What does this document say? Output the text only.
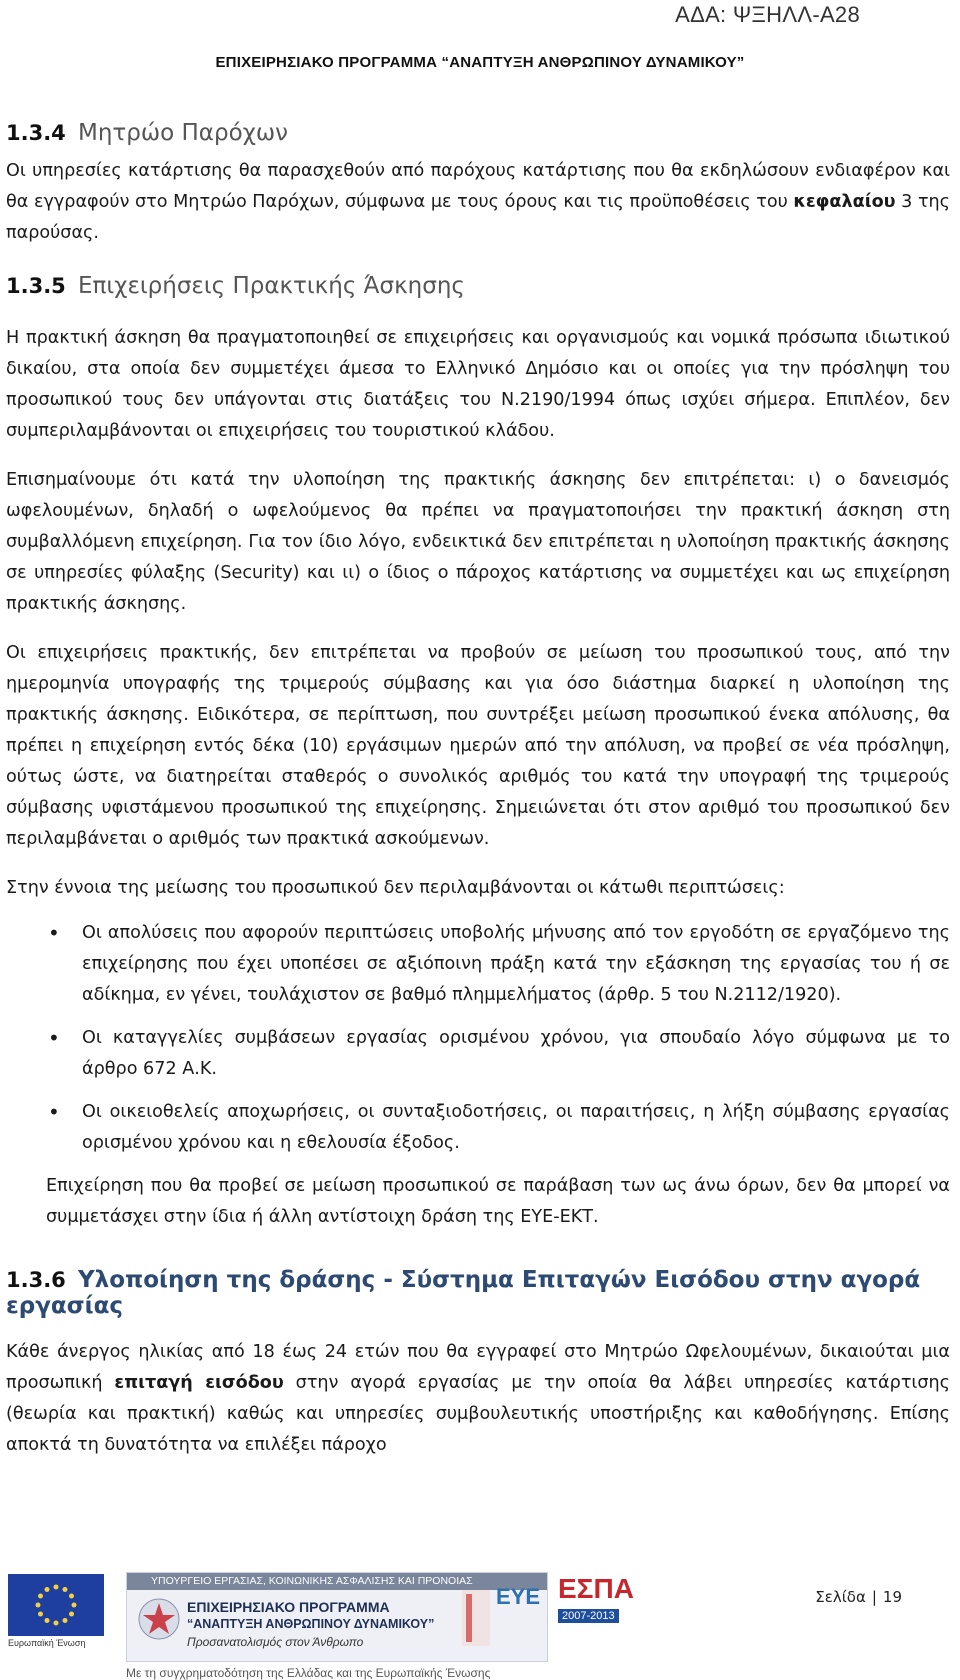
ΑΔΑ: ΨΞΗΛΛ-Α28
ΕΠΙΧΕΙΡΗΣΙΑΚΟ ΠΡΟΓΡΑΜΜΑ “ΑΝΑΠΤΥΞΗ ΑΝΘΡΩΠΙΝΟΥ ΔΥΝΑΜΙΚΟΥ”
1.3.4 Μητρώο Παρόχων

Οι υπηρεσίες κατάρτισης θα παρασχεθούν από παρόχους κατάρτισης που θα εκδηλώσουν ενδιαφέρον και θα εγγραφούν στο Μητρώο Παρόχων, σύμφωνα με τους όρους και τις προϋποθέσεις του κεφαλαίου 3 της παρούσας.

1.3.5 Επιχειρήσεις Πρακτικής Άσκησης

Η πρακτική άσκηση θα πραγματοποιηθεί σε επιχειρήσεις και οργανισμούς και νομικά πρόσωπα ιδιωτικού δικαίου, στα οποία δεν συμμετέχει άμεσα το Ελληνικό Δημόσιο και οι οποίες για την πρόσληψη του προσωπικού τους δεν υπάγονται στις διατάξεις του Ν.2190/1994 όπως ισχύει σήμερα. Επιπλέον, δεν συμπεριλαμβάνονται οι επιχειρήσεις του τουριστικού κλάδου.

Επισημαίνουμε ότι κατά την υλοποίηση της πρακτικής άσκησης δεν επιτρέπεται: ι) ο δανεισμός ωφελουμένων, δηλαδή ο ωφελούμενος θα πρέπει να πραγματοποιήσει την πρακτική άσκηση στη συμβαλλόμενη επιχείρηση. Για τον ίδιο λόγο, ενδεικτικά δεν επιτρέπεται η υλοποίηση πρακτικής άσκησης σε υπηρεσίες φύλαξης (Security) και ιι) ο ίδιος ο πάροχος κατάρτισης να συμμετέχει και ως επιχείρηση πρακτικής άσκησης.

Οι επιχειρήσεις πρακτικής, δεν επιτρέπεται να προβούν σε μείωση του προσωπικού τους, από την ημερομηνία υπογραφής της τριμερούς σύμβασης και για όσο διάστημα διαρκεί η υλοποίηση της πρακτικής άσκησης. Ειδικότερα, σε περίπτωση, που συντρέξει μείωση προσωπικού ένεκα απόλυσης, θα πρέπει η επιχείρηση εντός δέκα (10) εργάσιμων ημερών από την απόλυση, να προβεί σε νέα πρόσληψη, ούτως ώστε, να διατηρείται σταθερός ο συνολικός αριθμός του κατά την υπογραφή της τριμερούς σύμβασης υφιστάμενου προσωπικού της επιχείρησης. Σημειώνεται ότι στον αριθμό του προσωπικού δεν περιλαμβάνεται ο αριθμός των πρακτικά ασκούμενων.

Στην έννοια της μείωσης του προσωπικού δεν περιλαμβάνονται οι κάτωθι περιπτώσεις:

• Οι απολύσεις που αφορούν περιπτώσεις υποβολής μήνυσης από τον εργοδότη σε εργαζόμενο της επιχείρησης που έχει υποπέσει σε αξιόποινη πράξη κατά την εξάσκηση της εργασίας του ή σε αδίκημα, εν γένει, τουλάχιστον σε βαθμό πλημμελήματος (άρθρ. 5 του Ν.2112/1920).
• Οι καταγγελίες συμβάσεων εργασίας ορισμένου χρόνου, για σπουδαίο λόγο σύμφωνα με το άρθρο 672 Α.Κ.
• Οι οικειοθελείς αποχωρήσεις, οι συνταξιοδοτήσεις, οι παραιτήσεις, η λήξη σύμβασης εργασίας ορισμένου χρόνου και η εθελουσία έξοδος.

Επιχείρηση που θα προβεί σε μείωση προσωπικού σε παράβαση των ως άνω όρων, δεν θα μπορεί να συμμετάσχει στην ίδια ή άλλη αντίστοιχη δράση της ΕΥΕ-ΕΚΤ.

1.3.6 Υλοποίηση της δράσης - Σύστημα Επιταγών Εισόδου στην αγορά εργασίας

Κάθε άνεργος ηλικίας από 18 έως 24 ετών που θα εγγραφεί στο Μητρώο Ωφελουμένων, δικαιούται μια προσωπική επιταγή εισόδου στην αγορά εργασίας με την οποία θα λάβει υπηρεσίες κατάρτισης (θεωρία και πρακτική) καθώς και υπηρεσίες συμβουλευτικής υποστήριξης και καθοδήγησης. Επίσης αποκτά τη δυνατότητα να επιλέξει πάροχο

Ευρωπαϊκή Ένωση
ΥΠΟΥΡΓΕΙΟ ΕΡΓΑΣΙΑΣ, ΚΟΙΝΩΝΙΚΗΣ ΑΣΦΑΛΙΣΗΣ ΚΑΙ ΠΡΟΝΟΙΑΣ
ΕΠΙΧΕΙΡΗΣΙΑΚΟ ΠΡΟΓΡΑΜΜΑ
“ΑΝΑΠΤΥΞΗ ΑΝΘΡΩΠΙΝΟΥ ΔΥΝΑΜΙΚΟΥ”
Προσανατολισμός στον Άνθρωπο
ΕΥΕ ΕΣΠΑ
2007-2013
Σελίδα | 19
Με τη συγχρηματοδότηση της Ελλάδας και της Ευρωπαϊκής Ένωσης
